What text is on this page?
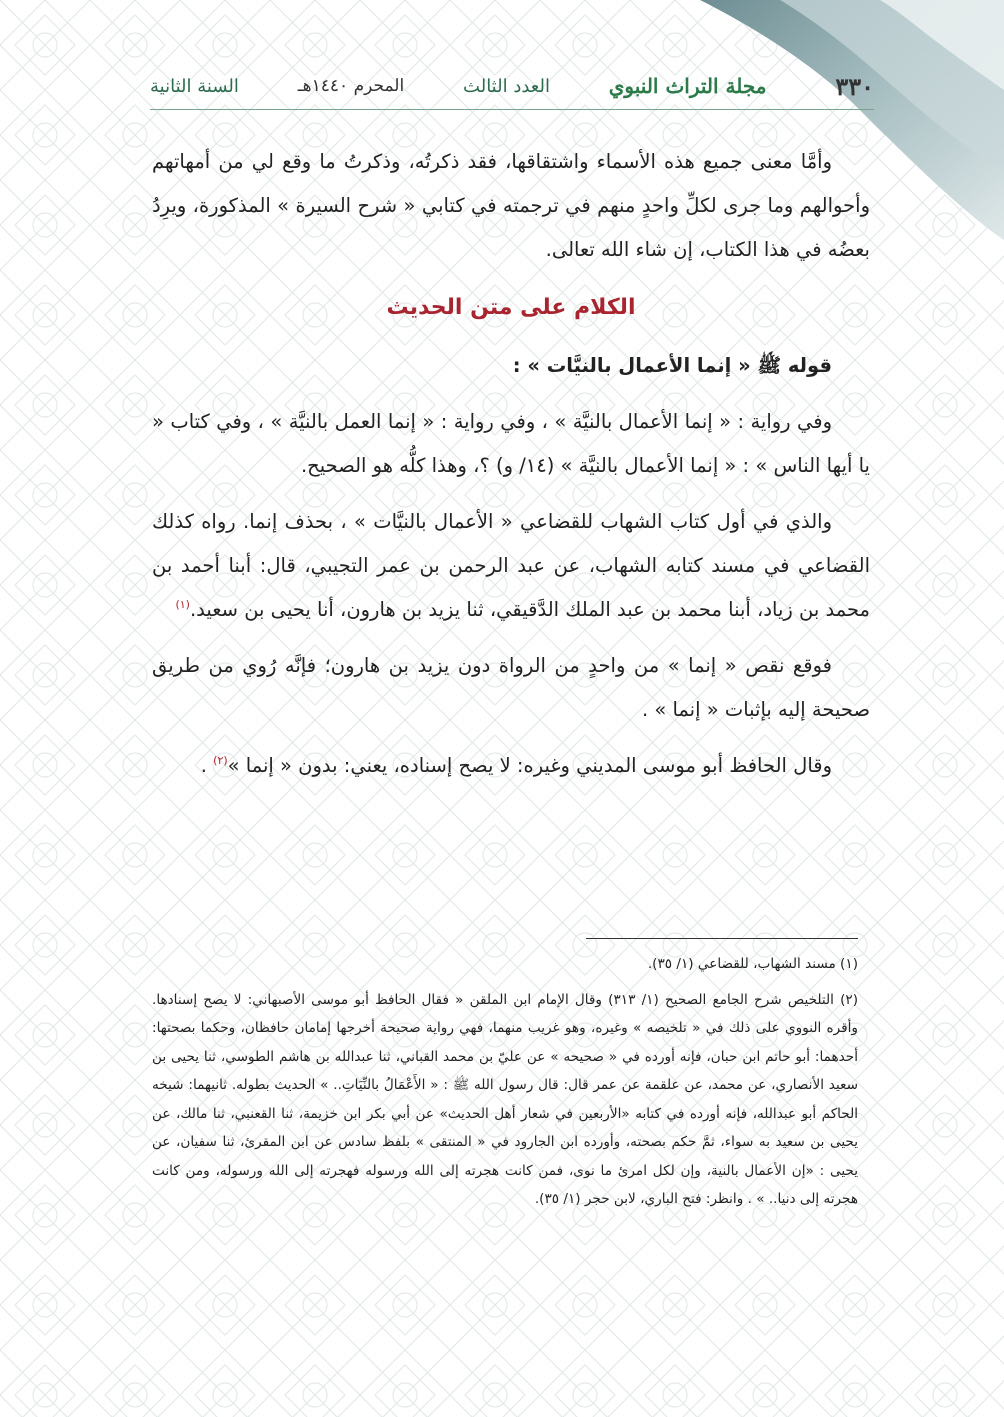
٣٣٠
مجلة التراث النبوي
العدد الثالث
المحرم ١٤٤٠هـ
السنة الثانية

وأمَّا معنى جميع هذه الأسماء واشتقاقها، فقد ذكرتُه، وذكرتُ ما وقع لي من أمهاتهم وأحوالهم وما جرى لكلِّ واحدٍ منهم في ترجمته في كتابي « شرح السيرة » المذكورة، ويرِدُ بعضُه في هذا الكتاب، إن شاء الله تعالى.

الكلام على متن الحديث

قوله ﷺ « إنما الأعمال بالنيَّات » :

وفي رواية : « إنما الأعمال بالنيَّة » ، وفي رواية : « إنما العمل بالنيَّة » ، وفي كتاب « يا أيها الناس » : « إنما الأعمال بالنيَّة » (١٤/ و) ؟، وهذا كلُّه هو الصحيح.

والذي في أول كتاب الشهاب للقضاعي « الأعمال بالنيَّات » ، بحذف إنما. رواه كذلك القضاعي في مسند كتابه الشهاب، عن عبد الرحمن بن عمر التجيبي، قال: أبنا أحمد بن محمد بن زياد، أبنا محمد بن عبد الملك الدَّقيقي، ثنا يزيد بن هارون، أنا يحيى بن سعيد.$^{(١)}$

فوقع نقص « إنما » من واحدٍ من الرواة دون يزيد بن هارون؛ فإنَّه رُوي من طريق صحيحة إليه بإثبات « إنما » .

وقال الحافظ أبو موسى المديني وغيره: لا يصح إسناده، يعني: بدون « إنما »$^{(٢)}$ .

(١) مسند الشهاب، للقضاعي (١/ ٣٥).

(٢) التلخيص شرح الجامع الصحيح (١/ ٣١٣) وقال الإمام ابن الملقن « فقال الحافظ أبو موسى الأصبهاني: لا يصح إسنادها. وأقره النووي على ذلك في « تلخيصه » وغيره، وهو غريب منهما، فهي رواية صحيحة أخرجها إمامان حافظان، وحكما بصحتها: أحدهما: أبو حاتم ابن حبان، فإنه أورده في « صحيحه » عن عليّ بن محمد القباني، ثنا عبدالله بن هاشم الطوسي، ثنا يحيى بن سعيد الأنصاري، عن محمد، عن علقمة عن عمر قال: قال رسول الله ﷺ : « الأَعْمَالُ بالنِّيَاتِ.. » الحديث بطوله. ثانيهما: شيخه الحاكم أبو عبدالله، فإنه أورده في كتابه «الأربعين في شعار أهل الحديث» عن أبي بكر ابن خزيمة، ثنا القعنبي، ثنا مالك، عن يحيى بن سعيد به سواء، ثمَّ حكم بصحته، وأورده ابن الجارود في « المنتقى » بلفظ سادس عن ابن المقرئ، ثنا سفيان، عن يحيى : «إن الأعمال بالنية، وإن لكل امرئ ما نوى، فمن كانت هجرته إلى الله ورسوله فهجرته إلى الله ورسوله، ومن كانت هجرته إلى دنيا.. » . وانظر: فتح الباري، لابن حجر (١/ ٣٥).
